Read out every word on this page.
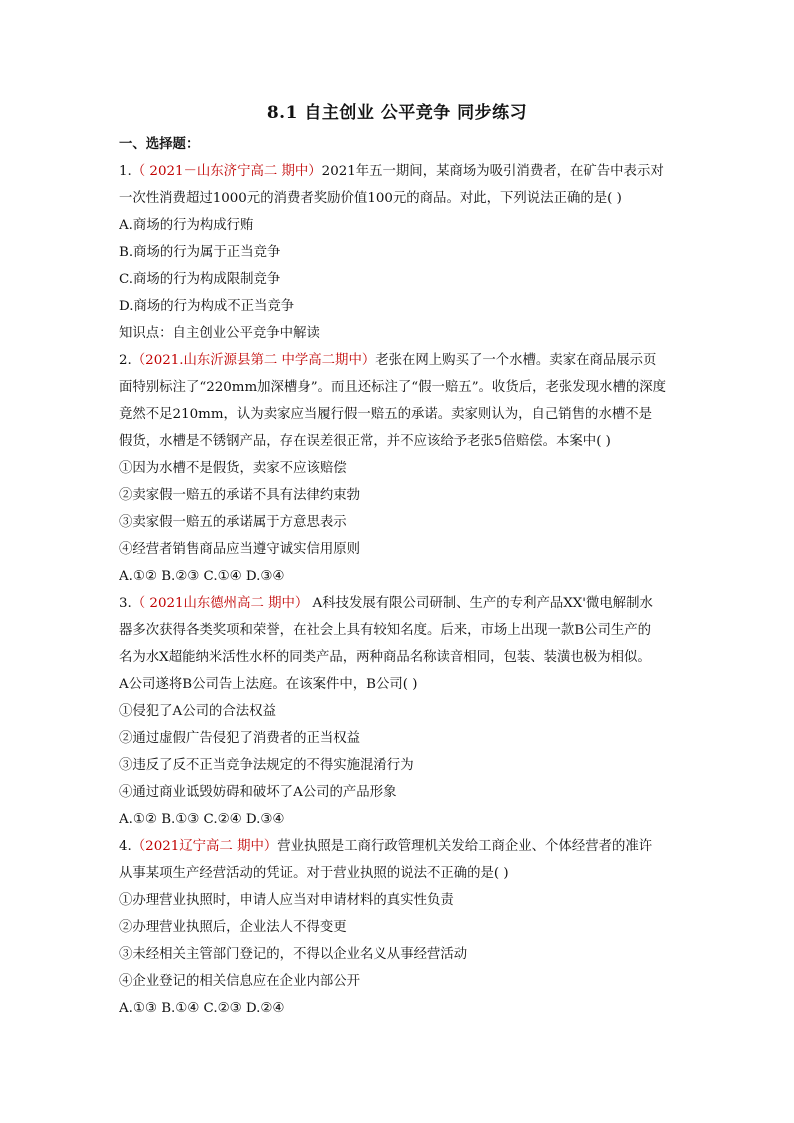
8.1 自主创业 公平竞争 同步练习
一、选择题：
1.（ 2021－山东济宁高二 期中）2021年五一期间，某商场为吸引消费者，在矿告中表示对
一次性消费超过1000元的消费者奖励价值100元的商品。对此，下列说法正确的是( )
A.商场的行为构成行贿
B.商场的行为属于正当竞争
C.商场的行为构成限制竞争
D.商场的行为构成不正当竞争
知识点：自主创业公平竞争中解读
2.（2021.山东沂源县第二 中学高二期中）老张在网上购买了一个水槽。卖家在商品展示页
面特别标注了“220mm加深槽身”。而且还标注了“假一赔五”。收货后，老张发现水槽的深度
竟然不足210mm，认为卖家应当履行假一赔五的承诺。卖家则认为，自己销售的水槽不是
假货，水槽是不锈钢产品，存在误差很正常，并不应该给予老张5倍赔偿。本案中( )
①因为水槽不是假货，卖家不应该赔偿
②卖家假一赔五的承诺不具有法律约束勃
③卖家假一赔五的承诺属于方意思表示
④经营者销售商品应当遵守诚实信用原则
A.①② B.②③ C.①④ D.③④
3.（ 2021山东德州高二 期中） A科技发展有限公司研制、生产的专利产品XX'微电解制水
器多次获得各类奖项和荣誉，在社会上具有较知名度。后来，市场上出现一款B公司生产的
名为水X超能纳米活性水杯的同类产品，两种商品名称读音相同，包装、装潢也极为相似。
A公司遂将B公司告上法庭。在该案件中，B公司( )
①侵犯了A公司的合法权益
②通过虚假广告侵犯了消费者的正当权益
③违反了反不正当竞争法规定的不得实施混淆行为
④通过商业诋毁妨碍和破坏了A公司的产品形象
A.①② B.①③ C.②④ D.③④
4.（2021辽宁高二 期中）营业执照是工商行政管理机关发给工商企业、个体经营者的准许
从事某项生产经营活动的凭证。对于营业执照的说法不正确的是( )
①办理营业执照时，申请人应当对申请材料的真实性负责
②办理营业执照后，企业法人不得变更
③未经相关主管部门登记的，不得以企业名义从事经营活动
④企业登记的相关信息应在企业内部公开
A.①③ B.①④ C.②③ D.②④
